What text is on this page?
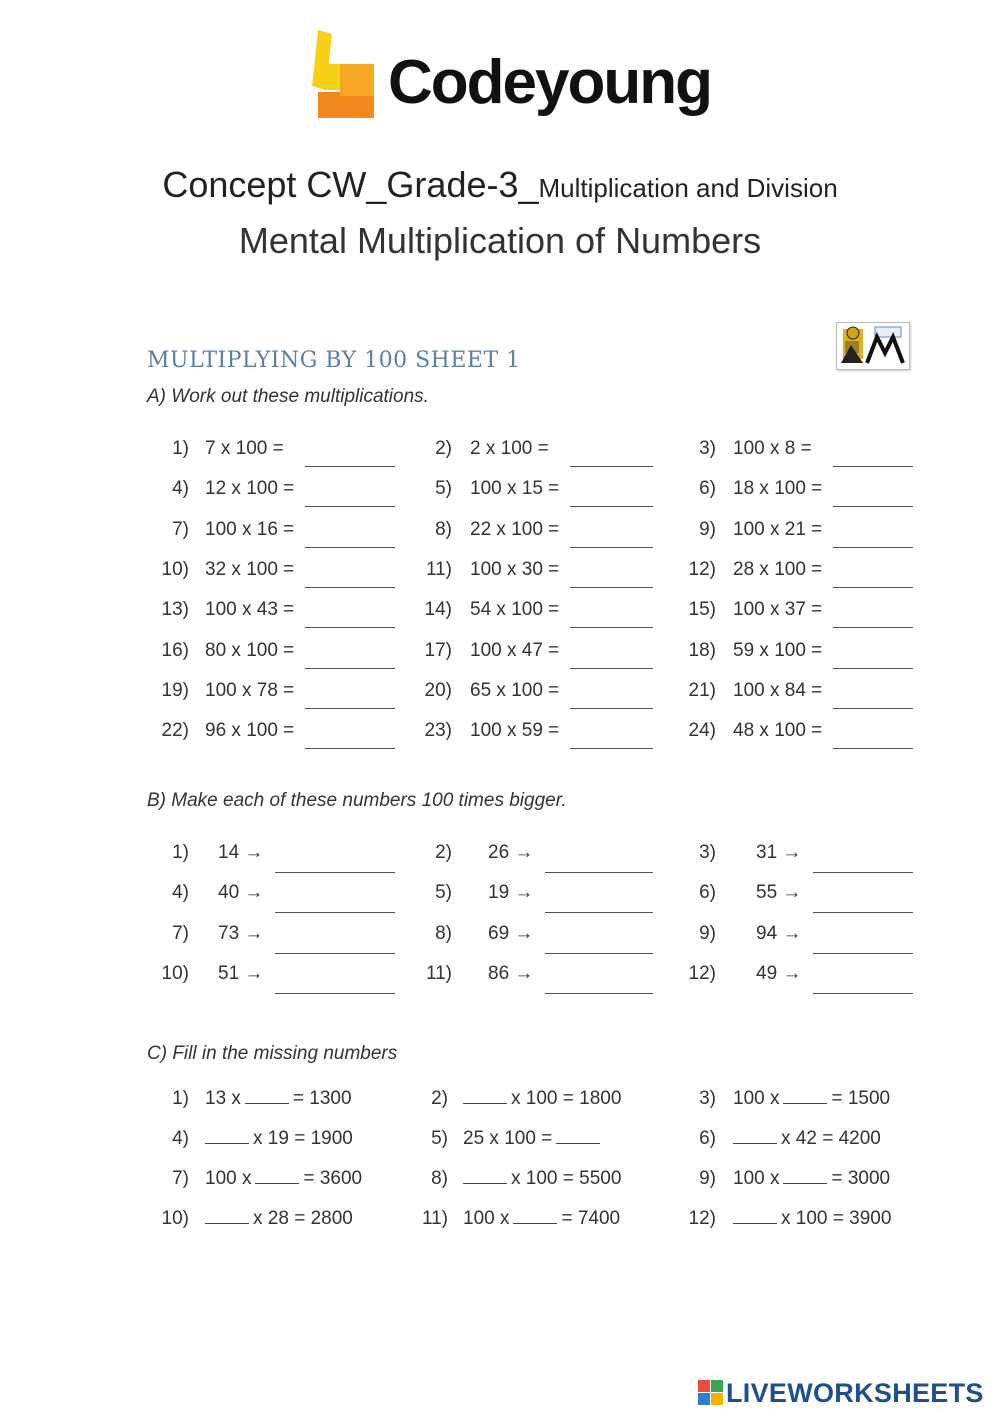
Codeyoung
Concept CW_Grade-3_Multiplication and Division
Mental Multiplication of Numbers
MULTIPLYING BY 100 SHEET 1
A) Work out these multiplications.
1) 7 x 100 =	2) 2 x 100 =	3) 100 x 8 =
4) 12 x 100 =	5) 100 x 15 =	6) 18 x 100 =
7) 100 x 16 =	8) 22 x 100 =	9) 100 x 21 =
10) 32 x 100 =	11) 100 x 30 =	12) 28 x 100 =
13) 100 x 43 =	14) 54 x 100 =	15) 100 x 37 =
16) 80 x 100 =	17) 100 x 47 =	18) 59 x 100 =
19) 100 x 78 =	20) 65 x 100 =	21) 100 x 84 =
22) 96 x 100 =	23) 100 x 59 =	24) 48 x 100 =
B) Make each of these numbers 100 times bigger.
1) 14 →	2) 26 →	3) 31 →
4) 40 →	5) 19 →	6) 55 →
7) 73 →	8) 69 →	9) 94 →
10) 51 →	11) 86 →	12) 49 →
C) Fill in the missing numbers
1) 13 x	= 1300	2)	x 100 = 1800	3) 100 x	= 1500
4)	x 19 = 1900	5) 25 x 100 =	6)	x 42 = 4200
7) 100 x	= 3600	8)	x 100 = 5500	9) 100 x	= 3000
10)	x 28 = 2800	11) 100 x	= 7400	12)	x 100 = 3900
LIVEWORKSHEETS
